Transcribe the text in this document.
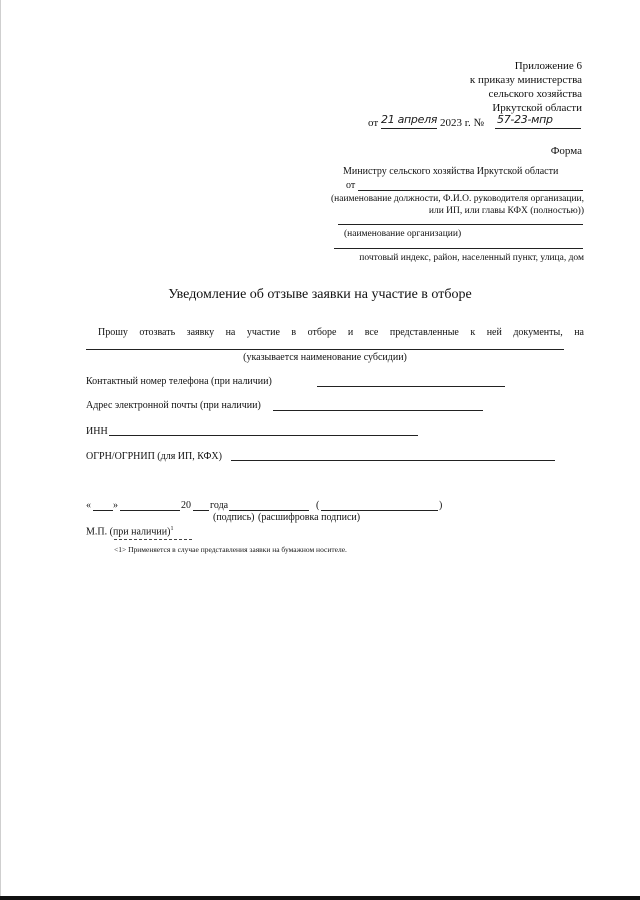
Приложение 6
к приказу министерства
сельского хозяйства
Иркутской области
от 21 апреля 2023 г. № 57-23-мпр
Форма
Министру сельского хозяйства Иркутской области
от
(наименование должности, Ф.И.О. руководителя организации,
или ИП, или главы КФХ (полностью))
(наименование организации)
почтовый индекс, район, населенный пункт, улица, дом
Уведомление об отзыве заявки на участие в отборе
Прошу отозвать заявку на участие в отборе и все представленные к ней документы, на
(указывается наименование субсидии)
Контактный номер телефона (при наличии)
Адрес электронной почты (при наличии)
ИНН
ОГРН/ОГРНИП (для ИП, КФХ)
« »	20 года	(	)
(подпись) (расшифровка подписи)
М.П. (при наличии)$^1$
<1> Применяется в случае представления заявки на бумажном носителе.
